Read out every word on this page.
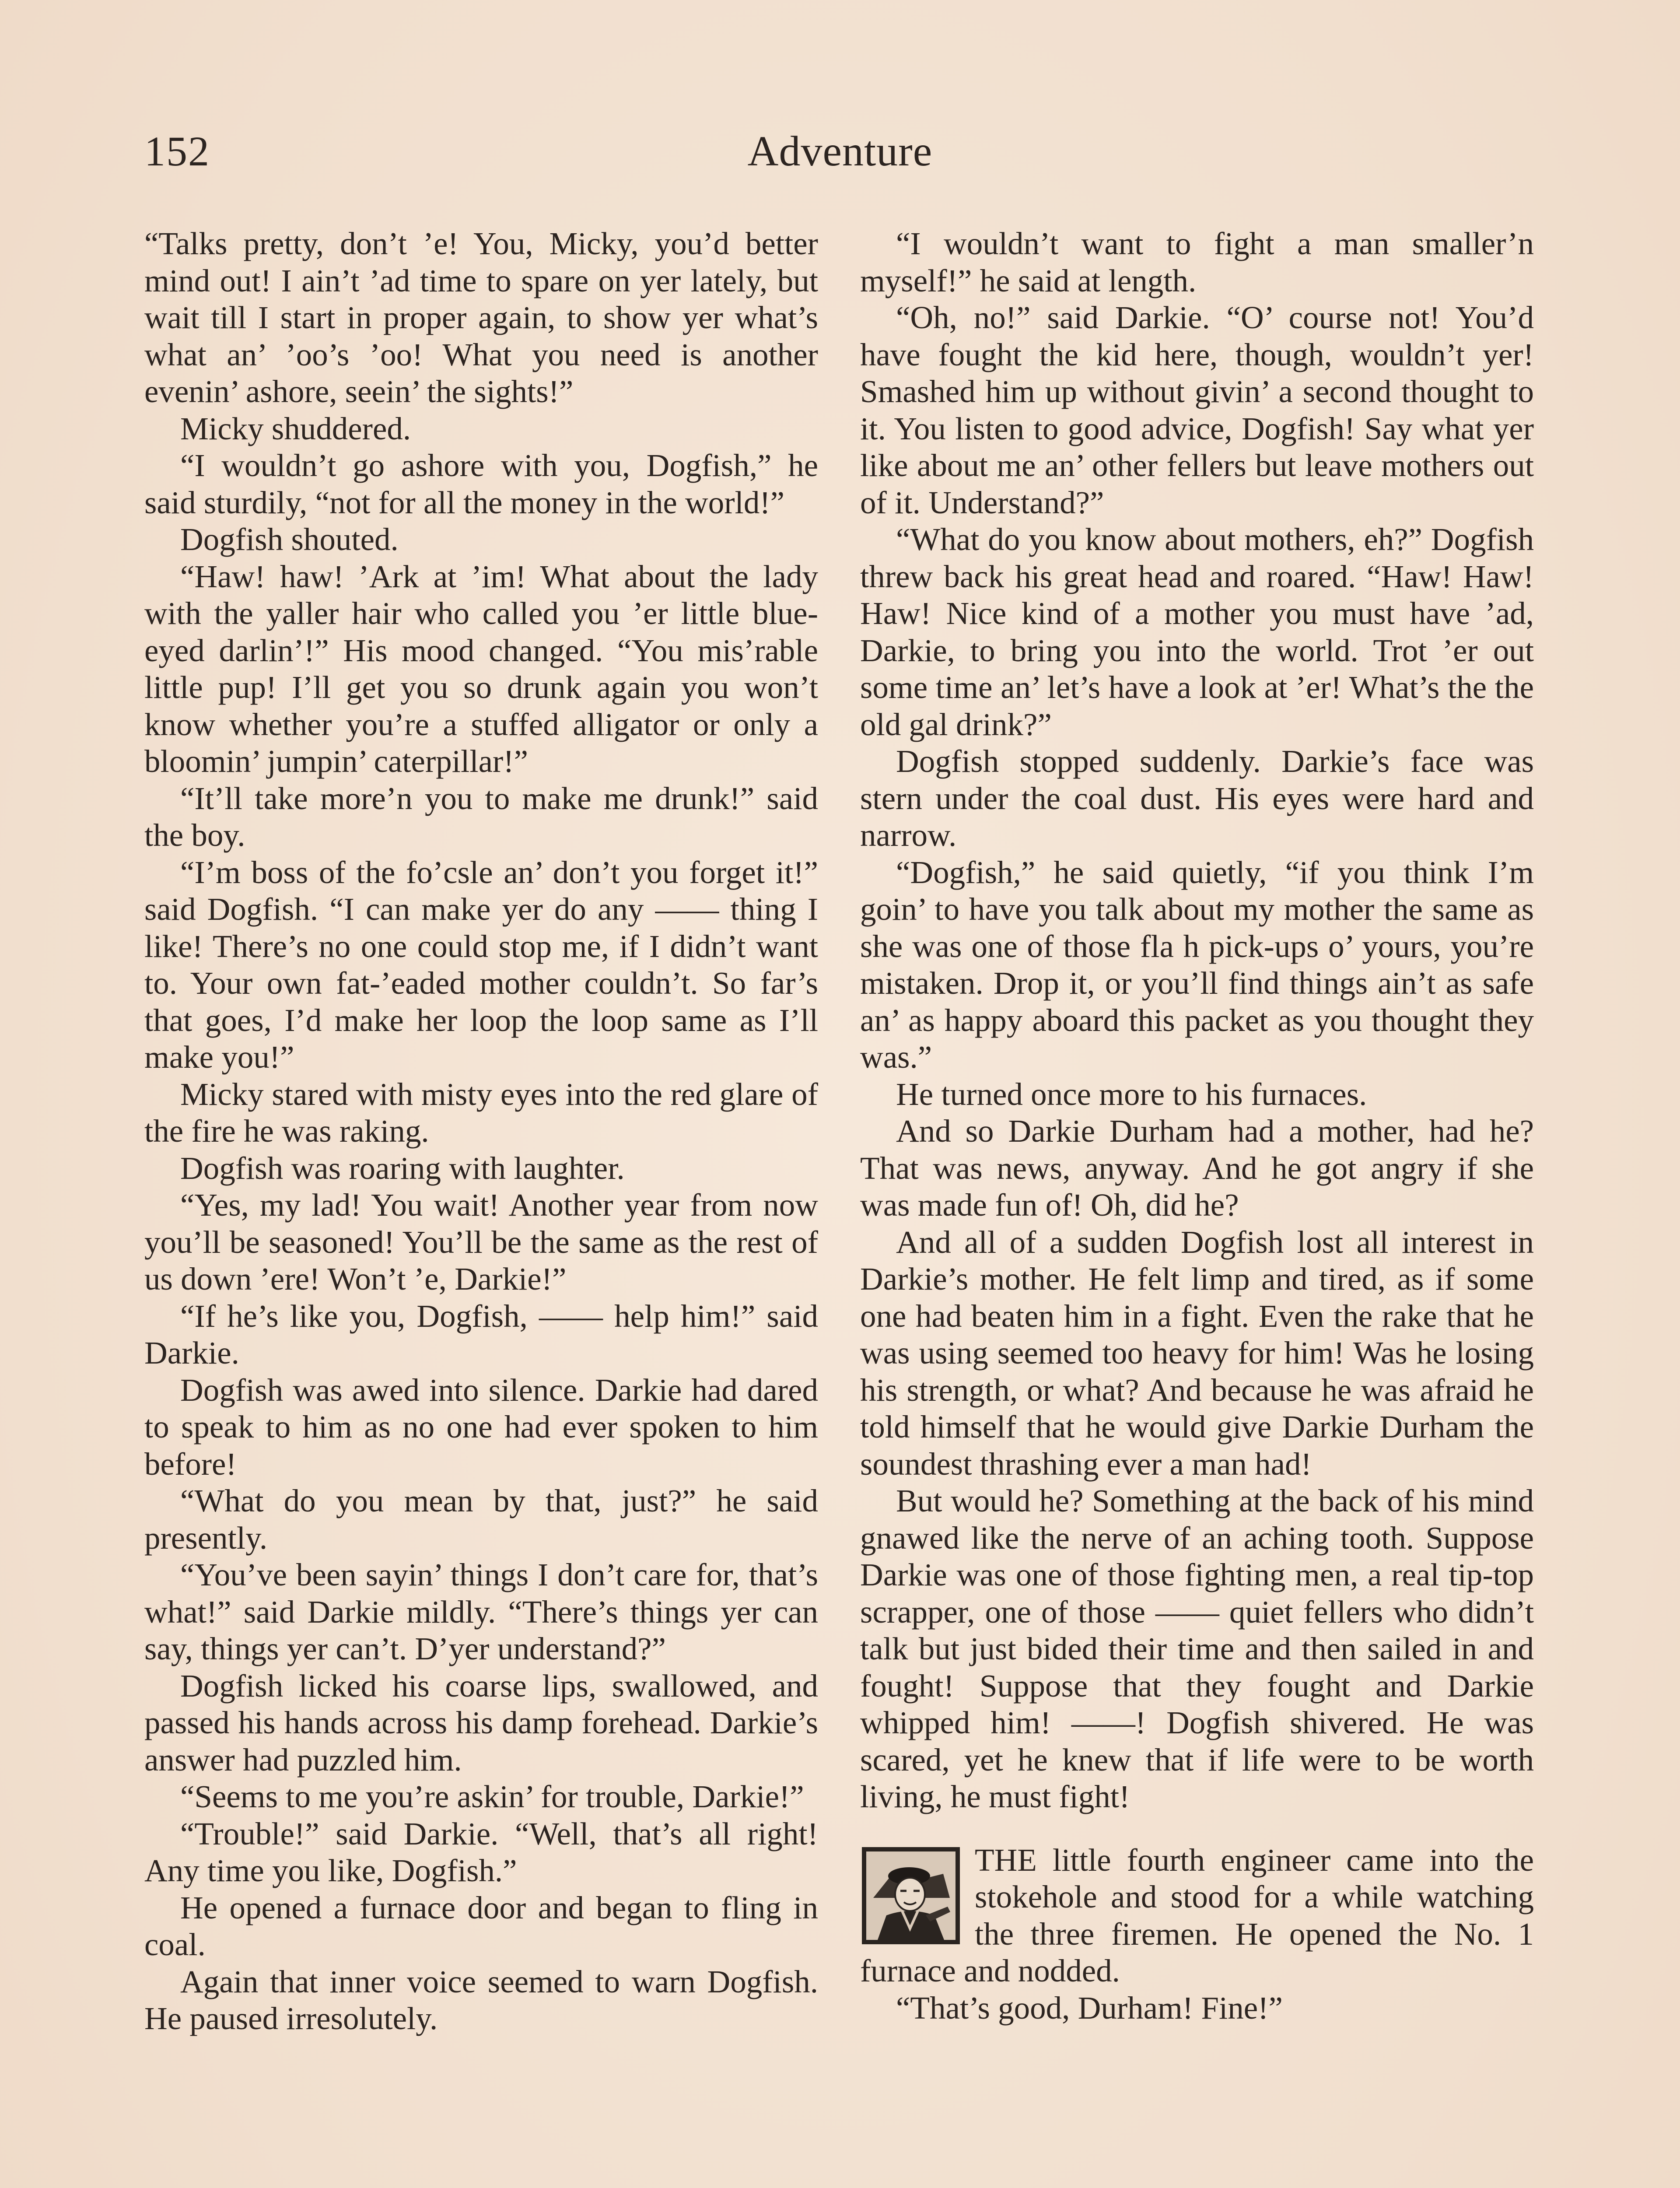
152	Adventure

“Talks pretty, don’t ’e! You, Micky, you’d better mind out! I ain’t ’ad time to spare on yer lately, but wait till I start in proper again, to show yer what’s what an’ ’oo’s ’oo! What you need is another evenin’ ashore, seein’ the sights!”

Micky shuddered.

“I wouldn’t go ashore with you, Dogfish,” he said sturdily, “not for all the money in the world!”

Dogfish shouted.

“Haw! haw! ’Ark at ’im! What about the lady with the yaller hair who called you ’er little blue-eyed darlin’!” His mood changed. “You mis’rable little pup! I’ll get you so drunk again you won’t know whether you’re a stuffed alligator or only a bloomin’ jumpin’ caterpillar!”

“It’ll take more’n you to make me drunk!” said the boy.

“I’m boss of the fo’csle an’ don’t you forget it!” said Dogfish. “I can make yer do any —— thing I like! There’s no one could stop me, if I didn’t want to. Your own fat-’eaded mother couldn’t. So far’s that goes, I’d make her loop the loop same as I’ll make you!”

Micky stared with misty eyes into the red glare of the fire he was raking.

Dogfish was roaring with laughter.

“Yes, my lad! You wait! Another year from now you’ll be seasoned! You’ll be the same as the rest of us down ’ere! Won’t ’e, Darkie!”

“If he’s like you, Dogfish, —— help him!” said Darkie.

Dogfish was awed into silence. Darkie had dared to speak to him as no one had ever spoken to him before!

“What do you mean by that, just?” he said presently.

“You’ve been sayin’ things I don’t care for, that’s what!” said Darkie mildly. “There’s things yer can say, things yer can’t. D’yer understand?”

Dogfish licked his coarse lips, swallowed, and passed his hands across his damp forehead. Darkie’s answer had puzzled him.

“Seems to me you’re askin’ for trouble, Darkie!”

“Trouble!” said Darkie. “Well, that’s all right! Any time you like, Dogfish.”

He opened a furnace door and began to fling in coal.

Again that inner voice seemed to warn Dogfish. He paused irresolutely.

“I wouldn’t want to fight a man smaller’n myself!” he said at length.

“Oh, no!” said Darkie. “O’ course not! You’d have fought the kid here, though, wouldn’t yer! Smashed him up without givin’ a second thought to it. You listen to good advice, Dogfish! Say what yer like about me an’ other fellers but leave mothers out of it. Understand?”

“What do you know about mothers, eh?” Dogfish threw back his great head and roared. “Haw! Haw! Haw! Nice kind of a mother you must have ’ad, Darkie, to bring you into the world. Trot ’er out some time an’ let’s have a look at ’er! What’s the the old gal drink?”

Dogfish stopped suddenly. Darkie’s face was stern under the coal dust. His eyes were hard and narrow.

“Dogfish,” he said quietly, “if you think I’m goin’ to have you talk about my mother the same as she was one of those fla h pick-ups o’ yours, you’re mistaken. Drop it, or you’ll find things ain’t as safe an’ as happy aboard this packet as you thought they was.”

He turned once more to his furnaces.

And so Darkie Durham had a mother, had he? That was news, anyway. And he got angry if she was made fun of! Oh, did he?

And all of a sudden Dogfish lost all interest in Darkie’s mother. He felt limp and tired, as if some one had beaten him in a fight. Even the rake that he was using seemed too heavy for him! Was he losing his strength, or what? And because he was afraid he told himself that he would give Darkie Durham the soundest thrashing ever a man had!

But would he? Something at the back of his mind gnawed like the nerve of an aching tooth. Suppose Darkie was one of those fighting men, a real tip-top scrapper, one of those —— quiet fellers who didn’t talk but just bided their time and then sailed in and fought! Suppose that they fought and Darkie whipped him! ——! Dogfish shivered. He was scared, yet he knew that if life were to be worth living, he must fight!

THE little fourth engineer came into the stokehole and stood for a while watching the three firemen. He opened the No. 1 furnace and nodded.

“That’s good, Durham! Fine!”
